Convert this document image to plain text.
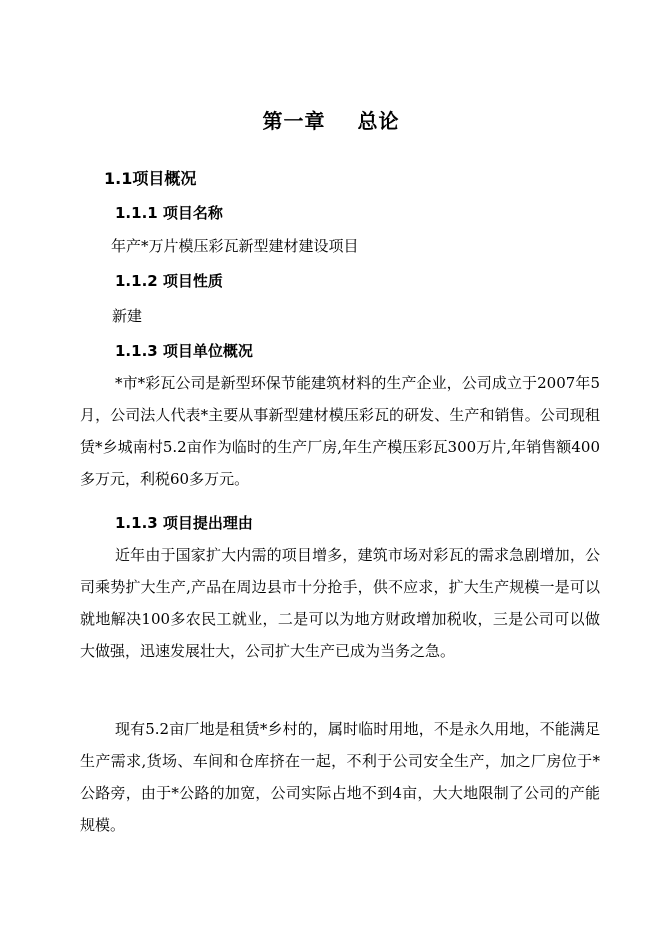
第一章 总论
1.1项目概况
1.1.1 项目名称
年产*万片模压彩瓦新型建材建设项目
1.1.2 项目性质
新建
1.1.3 项目单位概况

*市*彩瓦公司是新型环保节能建筑材料的生产企业，公司成立于2007年5月，公司法人代表*主要从事新型建材模压彩瓦的研发、生产和销售。公司现租赁*乡城南村5.2亩作为临时的生产厂房,年生产模压彩瓦300万片,年销售额400多万元，利税60多万元。

1.1.3 项目提出理由

近年由于国家扩大内需的项目增多，建筑市场对彩瓦的需求急剧增加，公司乘势扩大生产,产品在周边县市十分抢手，供不应求，扩大生产规模一是可以就地解决100多农民工就业，二是可以为地方财政增加税收，三是公司可以做大做强，迅速发展壮大，公司扩大生产已成为当务之急。

现有5.2亩厂地是租赁*乡村的，属时临时用地，不是永久用地，不能满足生产需求,货场、车间和仓库挤在一起，不利于公司安全生产，加之厂房位于*公路旁，由于*公路的加宽，公司实际占地不到4亩，大大地限制了公司的产能规模。
